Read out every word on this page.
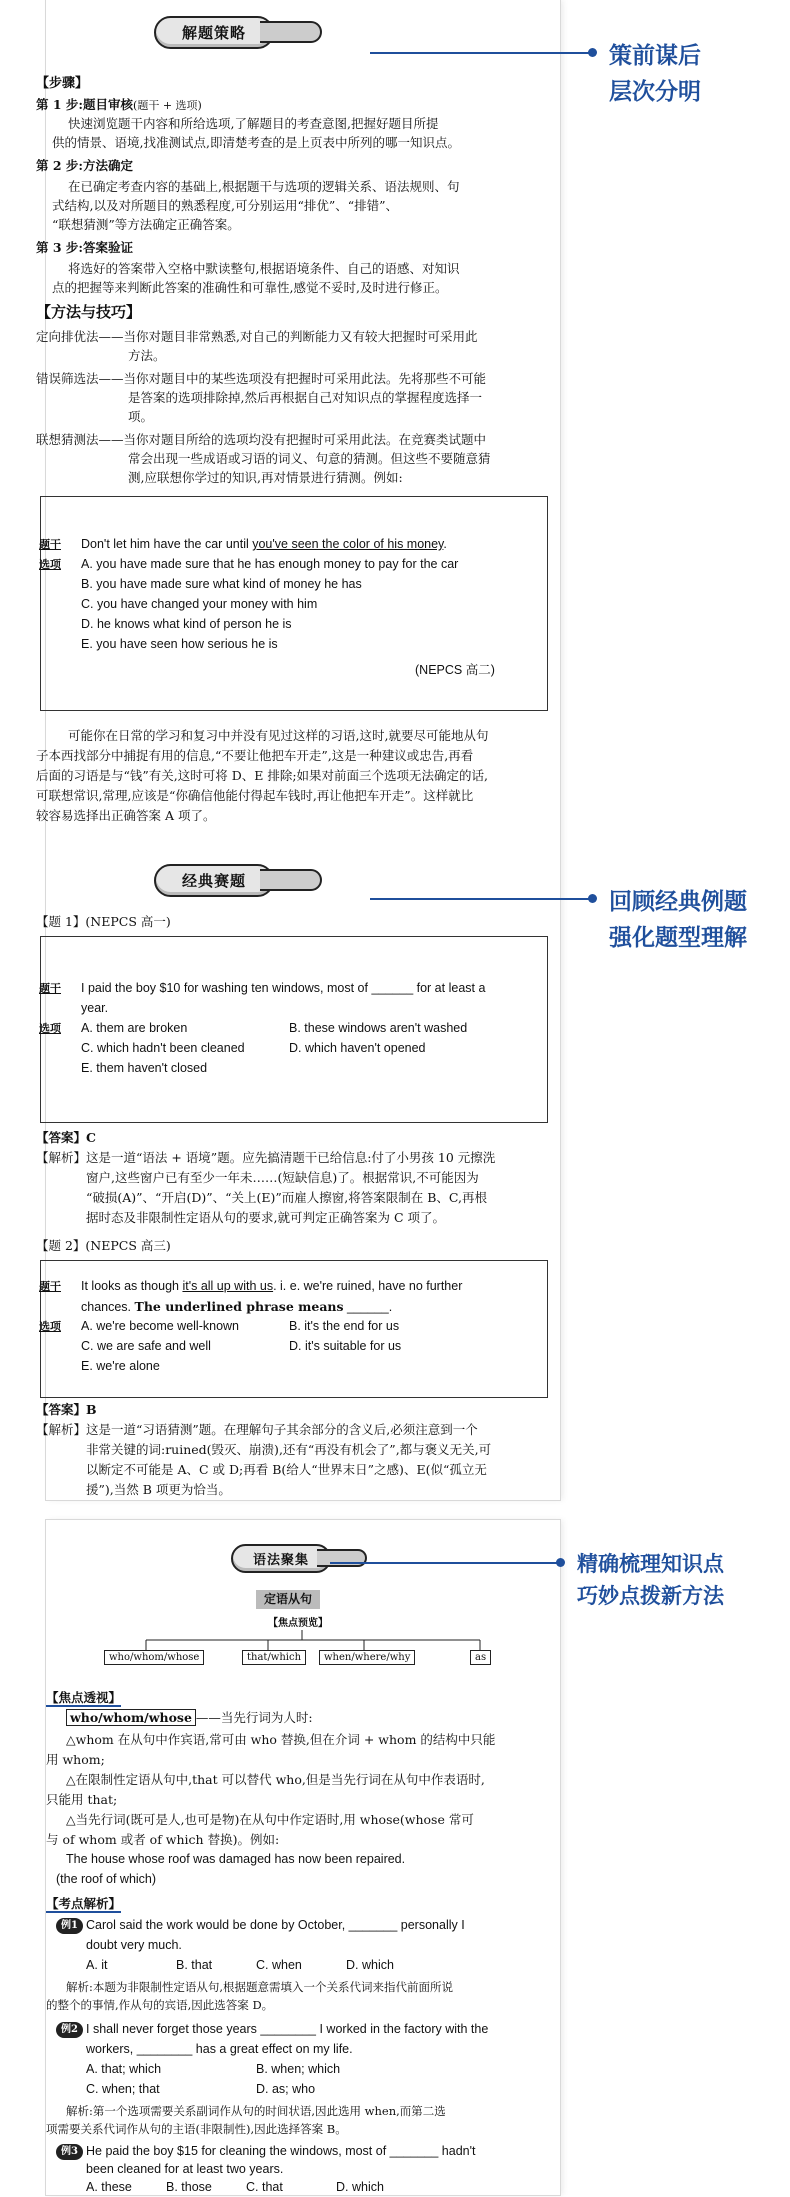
解题策略
【步骤】
第 1 步:题目审核(题干 + 选项)
快速浏览题干内容和所给选项,了解题目的考查意图,把握好题目所提
供的情景、语境,找准测试点,即清楚考查的是上页表中所列的哪一知识点。
第 2 步:方法确定
在已确定考查内容的基础上,根据题干与选项的逻辑关系、语法规则、句
式结构,以及对所题目的熟悉程度,可分别运用“排优”、“排错”、
“联想猜测”等方法确定正确答案。
第 3 步:答案验证
将选好的答案带入空格中默读整句,根据语境条件、自己的语感、对知识
点的把握等来判断此答案的准确性和可靠性,感觉不妥时,及时进行修正。
【方法与技巧】
定向排优法——当你对题目非常熟悉,对自己的判断能力又有较大把握时可采用此
方法。
错误筛选法——当你对题目中的某些选项没有把握时可采用此法。先将那些不可能
是答案的选项排除掉,然后再根据自己对知识点的掌握程度选择一
项。
联想猜测法——当你对题目所给的选项均没有把握时可采用此法。在竞赛类试题中
常会出现一些成语或习语的词义、句意的猜测。但这些不要随意猜
测,应联想你学过的知识,再对情景进行猜测。例如:
题干
选项
Don't let him have the car until you've seen the color of his money.
A. you have made sure that he has enough money to pay for the car
B. you have made sure what kind of money he has
C. you have changed your money with him
D. he knows what kind of person he is
E. you have seen how serious he is
(NEPCS 高二)
可能你在日常的学习和复习中并没有见过这样的习语,这时,就要尽可能地从句
子本西找部分中捕捉有用的信息,“不要让他把车开走”,这是一种建议或忠告,再看
后面的习语是与“钱”有关,这时可将 D、E 排除;如果对前面三个选项无法确定的话,
可联想常识,常理,应该是“你确信他能付得起车钱时,再让他把车开走”。这样就比
较容易选择出正确答案 A 项了。
经典赛题
【题 1】(NEPCS 高一)
题干
选项
I paid the boy $10 for washing ten windows, most of ______ for at least a
year.
A. them are broken	B. these windows aren't washed
C. which hadn't been cleaned	D. which haven't opened
E. them haven't closed
【答案】C
【解析】这是一道“语法 + 语境”题。应先搞清题干已给信息:付了小男孩 10 元擦洗
窗户,这些窗户已有至少一年未……(短缺信息)了。根据常识,不可能因为
“破损(A)”、“开启(D)”、“关上(E)”而雇人擦窗,将答案限制在 B、C,再根
据时态及非限制性定语从句的要求,就可判定正确答案为 C 项了。
【题 2】(NEPCS 高三)
题干
选项
It looks as though it's all up with us. i. e. we're ruined, have no further
chances. The underlined phrase means ______.
A. we're become well-known	B. it's the end for us
C. we are safe and well	D. it's suitable for us
E. we're alone
【答案】B
【解析】这是一道“习语猜测”题。在理解句子其余部分的含义后,必须注意到一个
非常关键的词:ruined(毁灭、崩溃),还有“再没有机会了”,都与褒义无关,可
以断定不可能是 A、C 或 D;再看 B(给人“世界末日”之感)、E(似“孤立无
援”),当然 B 项更为恰当。
策前谋后
层次分明
回顾经典例题
强化题型理解
语法聚集
定语从句
【焦点预览】
who/whom/whose	that/which	when/where/why	as
【焦点透视】
who/whom/whose ——当先行词为人时:
△whom 在从句中作宾语,常可由 who 替换,但在介词 + whom 的结构中只能
用 whom;
△在限制性定语从句中,that 可以替代 who,但是当先行词在从句中作表语时,
只能用 that;
△当先行词(既可是人,也可是物)在从句中作定语时,用 whose(whose 常可
与 of whom 或者 of which 替换)。例如:
The house whose roof was damaged has now been repaired.
(the roof of which)
【考点解析】
例1 Carol said the work would be done by October, _______ personally I
doubt very much.
A. it	B. that	C. when	D. which
解析:本题为非限制性定语从句,根据题意需填入一个关系代词来指代前面所说
的整个的事情,作从句的宾语,因此选答案 D。
例2 I shall never forget those years ________ I worked in the factory with the
workers, ________ has a great effect on my life.
A. that; which	B. when; which
C. when; that	D. as; who
解析:第一个选项需要关系副词作从句的时间状语,因此选用 when,而第二选
项需要关系代词作从句的主语(非限制性),因此选择答案 B。
例3 He paid the boy $15 for cleaning the windows, most of _______ hadn't
been cleaned for at least two years.
A. these	B. those	C. that	D. which
精确梳理知识点
巧妙点拨新方法
